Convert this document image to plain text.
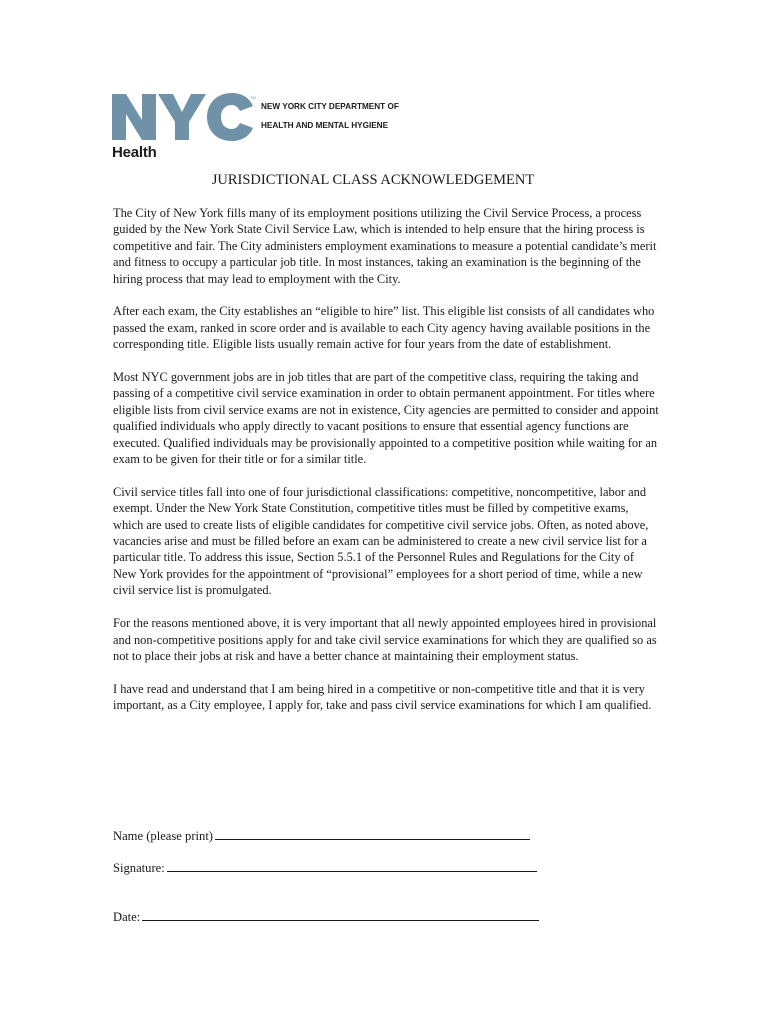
TM
Health
NEW YORK CITY DEPARTMENT OF
HEALTH AND MENTAL HYGIENE
JURISDICTIONAL CLASS ACKNOWLEDGEMENT

The City of New York fills many of its employment positions utilizing the Civil Service Process, a process guided by the New York State Civil Service Law, which is intended to help ensure that the hiring process is competitive and fair. The City administers employment examinations to measure a potential candidate’s merit and fitness to occupy a particular job title. In most instances, taking an examination is the beginning of the hiring process that may lead to employment with the City.

After each exam, the City establishes an “eligible to hire” list. This eligible list consists of all candidates who passed the exam, ranked in score order and is available to each City agency having available positions in the corresponding title. Eligible lists usually remain active for four years from the date of establishment.

Most NYC government jobs are in job titles that are part of the competitive class, requiring the taking and passing of a competitive civil service examination in order to obtain permanent appointment. For titles where eligible lists from civil service exams are not in existence, City agencies are permitted to consider and appoint qualified individuals who apply directly to vacant positions to ensure that essential agency functions are executed. Qualified individuals may be provisionally appointed to a competitive position while waiting for an exam to be given for their title or for a similar title.

Civil service titles fall into one of four jurisdictional classifications: competitive, noncompetitive, labor and exempt. Under the New York State Constitution, competitive titles must be filled by competitive exams, which are used to create lists of eligible candidates for competitive civil service jobs. Often, as noted above, vacancies arise and must be filled before an exam can be administered to create a new civil service list for a particular title. To address this issue, Section 5.5.1 of the Personnel Rules and Regulations for the City of New York provides for the appointment of “provisional” employees for a short period of time, while a new civil service list is promulgated.

For the reasons mentioned above, it is very important that all newly appointed employees hired in provisional and non-competitive positions apply for and take civil service examinations for which they are qualified so as not to place their jobs at risk and have a better chance at maintaining their employment status.

I have read and understand that I am being hired in a competitive or non-competitive title and that it is very important, as a City employee, I apply for, take and pass civil service examinations for which I am qualified.

Name (please print)
Signature:
Date:
